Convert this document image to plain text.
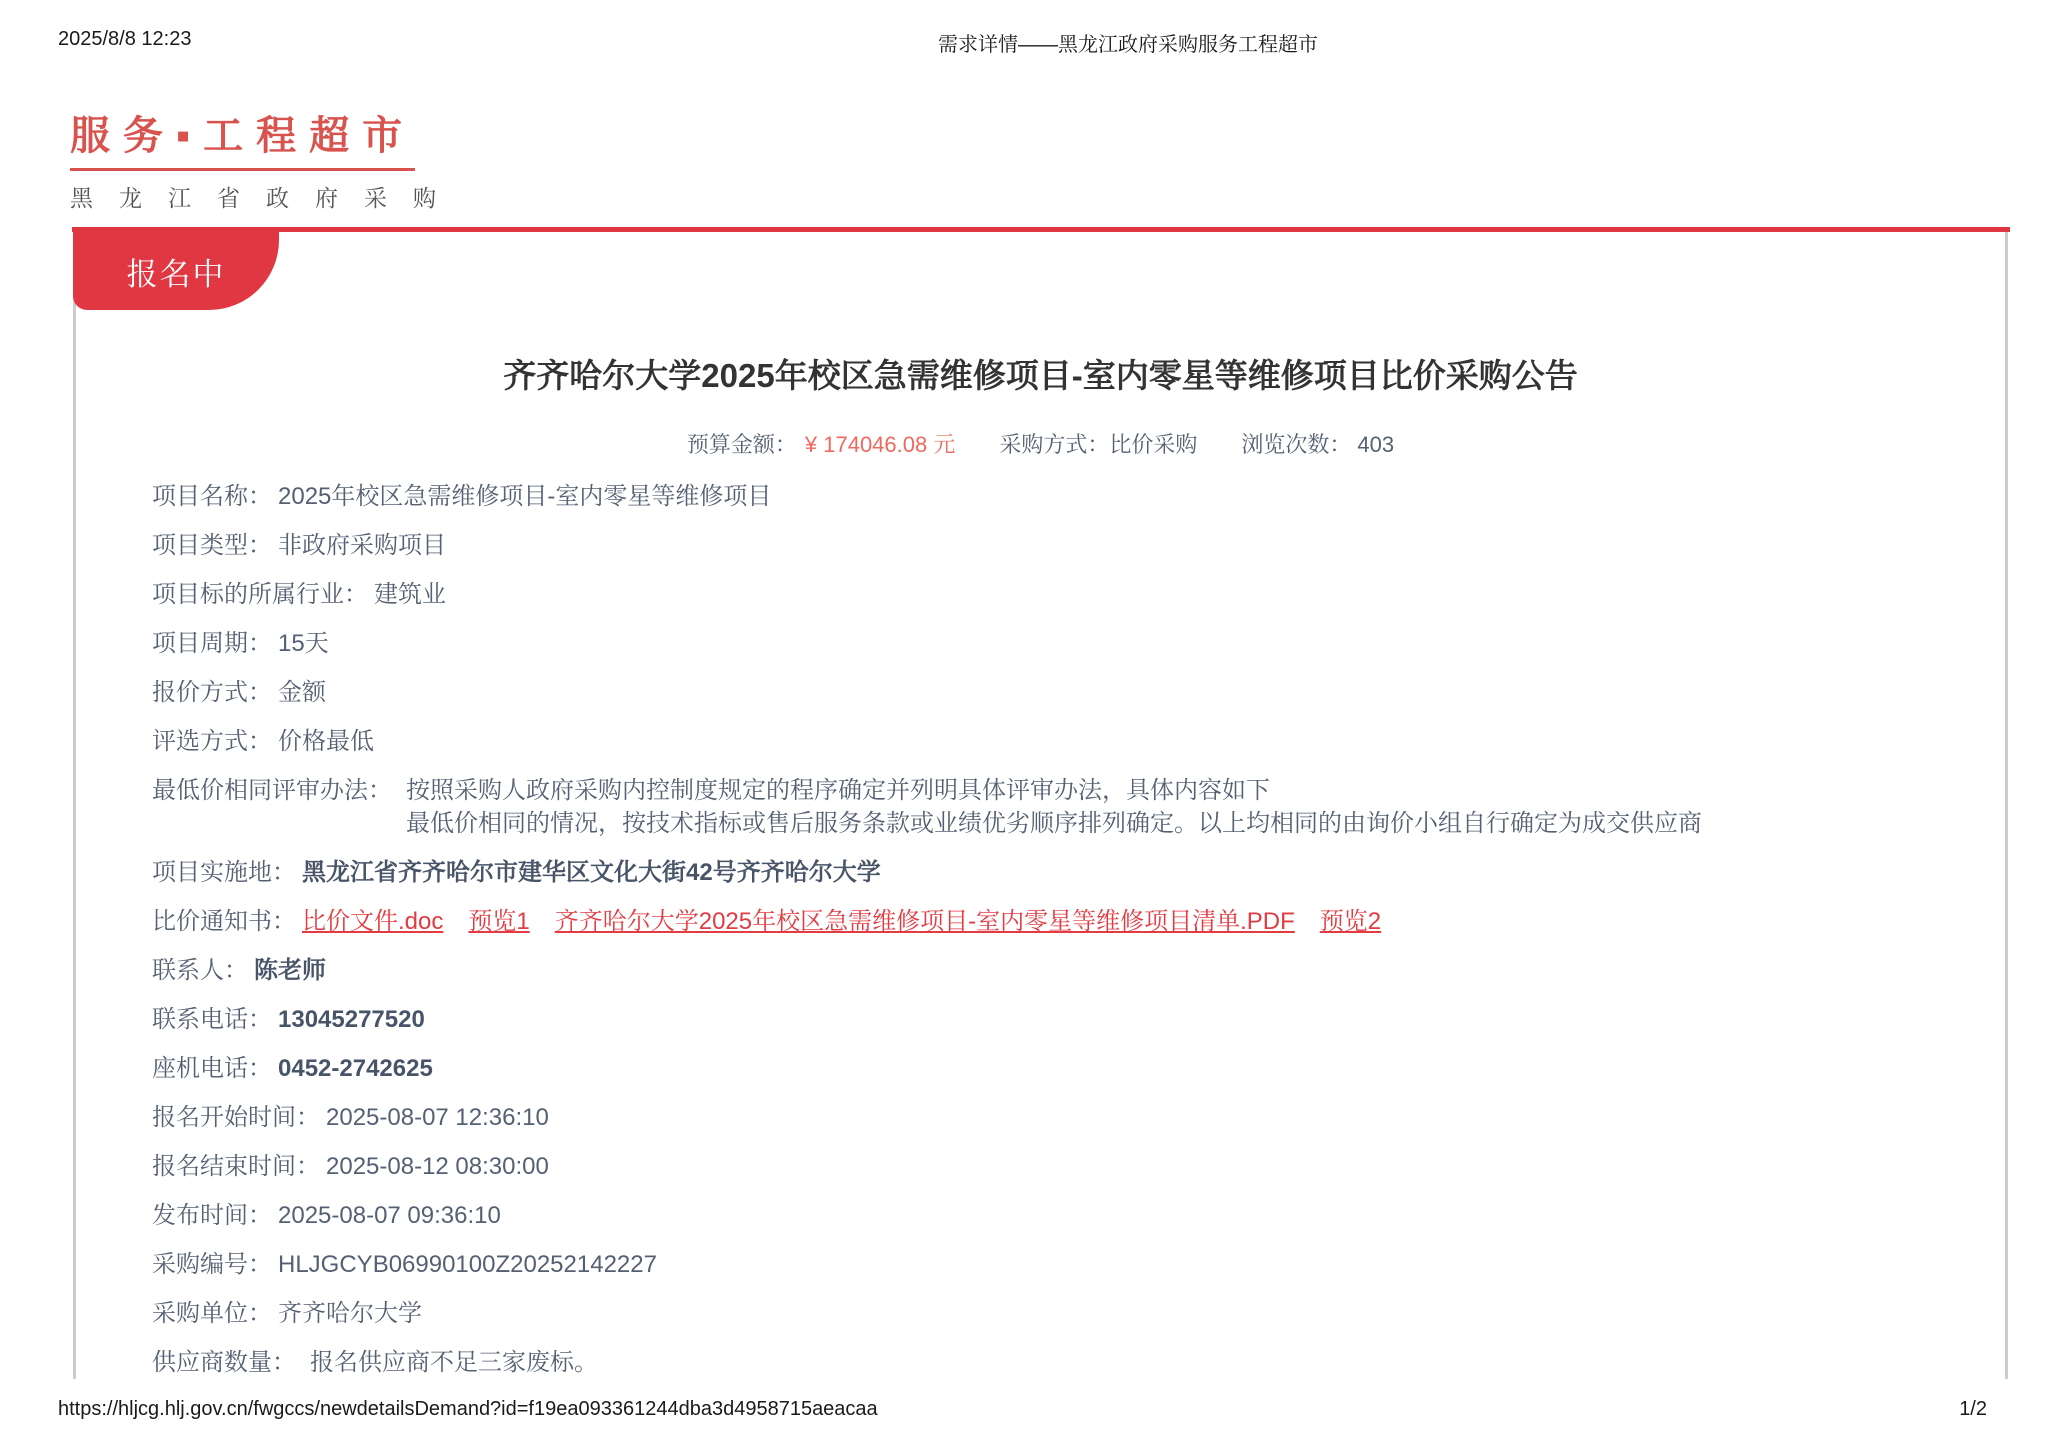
2025/8/8 12:23	需求详情——黑龙江政府采购服务工程超市
服务▪工程超市
黑龙江省政府采购
齐齐哈尔大学2025年校区急需维修项目-室内零星等维修项目比价采购公告
预算金额： ¥ 174046.08 元 采购方式：比价采购 浏览次数： 403
项目名称： 2025年校区急需维修项目-室内零星等维修项目
项目类型： 非政府采购项目
项目标的所属行业： 建筑业
项目周期： 15天
报价方式： 金额
评选方式： 价格最低
最低价相同评审办法： 按照采购人政府采购内控制度规定的程序确定并列明具体评审办法，具体内容如下
最低价相同的情况，按技术指标或售后服务条款或业绩优劣顺序排列确定。以上均相同的由询价小组自行确定为成交供应商
项目实施地： 黑龙江省齐齐哈尔市建华区文化大街42号齐齐哈尔大学
比价通知书： 比价文件.doc 预览1 齐齐哈尔大学2025年校区急需维修项目-室内零星等维修项目清单.PDF 预览2
联系人： 陈老师
联系电话： 13045277520
座机电话： 0452-2742625
报名开始时间： 2025-08-07 12:36:10
报名结束时间： 2025-08-12 08:30:00
发布时间： 2025-08-07 09:36:10
采购编号： HLJGCYB06990100Z20252142227
采购单位： 齐齐哈尔大学
供应商数量： 报名供应商不足三家废标。
报名中
https://hljcg.hlj.gov.cn/fwgccs/newdetailsDemand?id=f19ea093361244dba3d4958715aeacaa	1/2
